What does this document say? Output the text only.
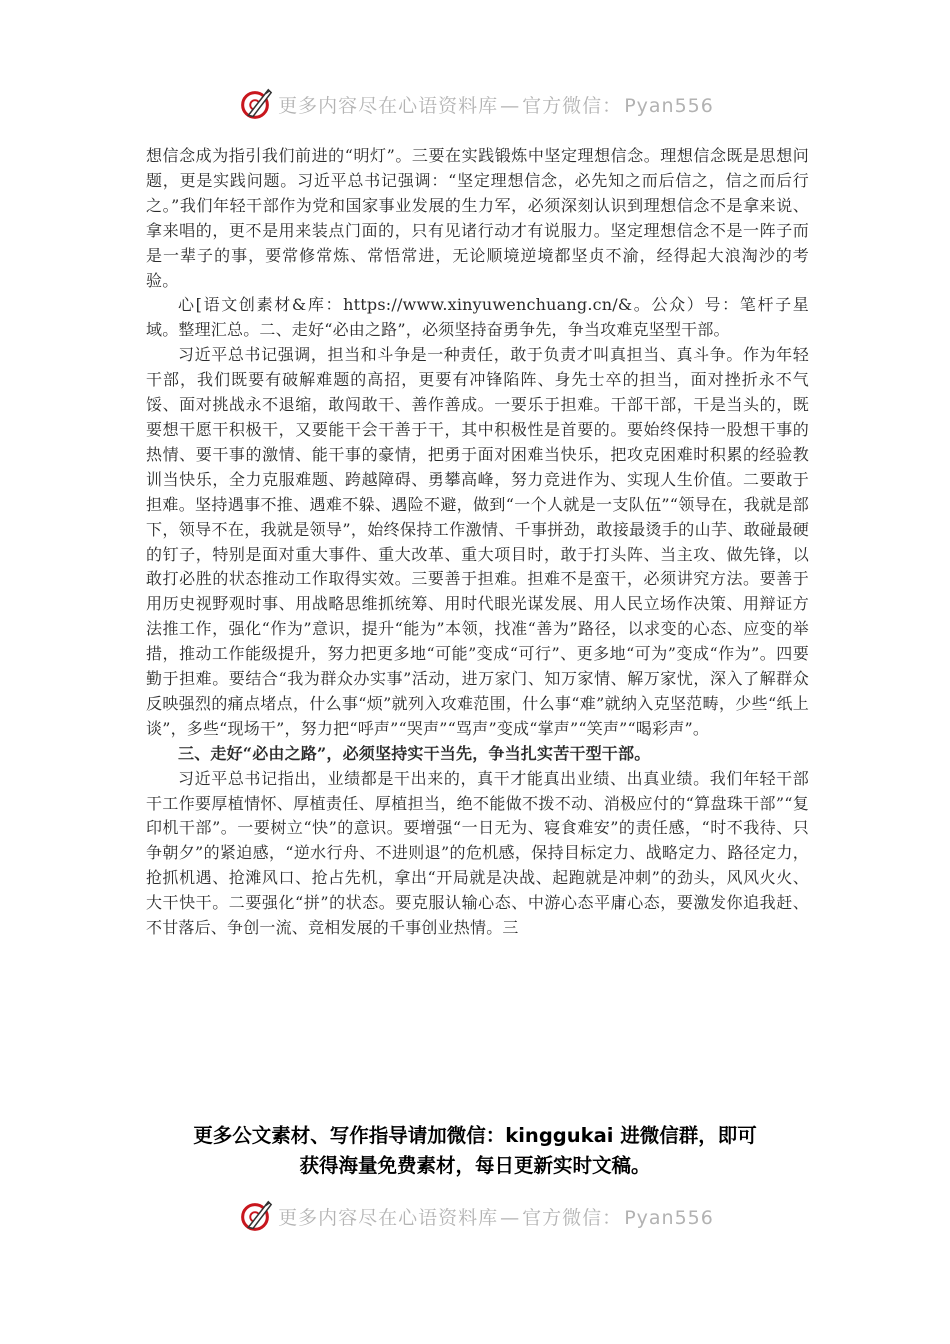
更多内容尽在心语资料库 — 官方微信： Pyan556

想信念成为指引我们前进的“明灯”。三要在实践锻炼中坚定理想信念。理想信念既是思想问题，更是实践问题。习近平总书记强调：“坚定理想信念，必先知之而后信之，信之而后行之。”我们年轻干部作为党和国家事业发展的生力军，必须深刻认识到理想信念不是拿来说、拿来唱的，更不是用来装点门面的，只有见诸行动才有说服力。坚定理想信念不是一阵子而是一辈子的事，要常修常炼、常悟常进，无论顺境逆境都坚贞不渝，经得起大浪淘沙的考验。

心[语文创素材&库：https://www.xinyuwenchuang.cn/&。公众）号：笔杆子星域。整理汇总。二、走好“必由之路”，必须坚持奋勇争先，争当攻难克坚型干部。

习近平总书记强调，担当和斗争是一种责任，敢于负责才叫真担当、真斗争。作为年轻干部，我们既要有破解难题的高招，更要有冲锋陷阵、身先士卒的担当，面对挫折永不气馁、面对挑战永不退缩，敢闯敢干、善作善成。一要乐于担难。干部干部，干是当头的，既要想干愿干积极干，又要能干会干善于干，其中积极性是首要的。要始终保持一股想干事的热情、要干事的激情、能干事的豪情，把勇于面对困难当快乐，把攻克困难时积累的经验教训当快乐，全力克服难题、跨越障碍、勇攀高峰，努力竞进作为、实现人生价值。二要敢于担难。坚持遇事不推、遇难不躲、遇险不避，做到“一个人就是一支队伍”“领导在，我就是部下，领导不在，我就是领导”，始终保持工作激情、千事拼劲，敢接最烫手的山芋、敢碰最硬的钉子，特别是面对重大事件、重大改革、重大项目时，敢于打头阵、当主攻、做先锋，以敢打必胜的状态推动工作取得实效。三要善于担难。担难不是蛮干，必须讲究方法。要善于用历史视野观时事、用战略思维抓统筹、用时代眼光谋发展、用人民立场作决策、用辩证方法推工作，强化“作为”意识，提升“能为”本领，找准“善为”路径，以求变的心态、应变的举措，推动工作能级提升，努力把更多地“可能”变成“可行”、更多地“可为”变成“作为”。四要勤于担难。要结合“我为群众办实事”活动，进万家门、知万家情、解万家忧，深入了解群众反映强烈的痛点堵点，什么事“烦”就列入攻难范围，什么事“难”就纳入克坚范畴，少些“纸上谈”，多些“现场干”，努力把“呼声”“哭声”“骂声”变成“掌声”“笑声”“喝彩声”。

三、走好“必由之路”，必须坚持实干当先，争当扎实苦干型干部。

习近平总书记指出，业绩都是干出来的，真干才能真出业绩、出真业绩。我们年轻干部干工作要厚植情怀、厚植责任、厚植担当，绝不能做不拨不动、消极应付的“算盘珠干部”“复印机干部”。一要树立“快”的意识。要增强“一日无为、寝食难安”的责任感，“时不我待、只争朝夕”的紧迫感，“逆水行舟、不进则退”的危机感，保持目标定力、战略定力、路径定力，抢抓机遇、抢滩风口、抢占先机，拿出“开局就是决战、起跑就是冲刺”的劲头，风风火火、大干快干。二要强化“拼”的状态。要克服认输心态、中游心态平庸心态，要激发你追我赶、不甘落后、争创一流、竞相发展的千事创业热情。三

更多公文素材、写作指导请加微信：kinggukai 进微信群，即可
获得海量免费素材，每日更新实时文稿。
更多内容尽在心语资料库 — 官方微信： Pyan556
